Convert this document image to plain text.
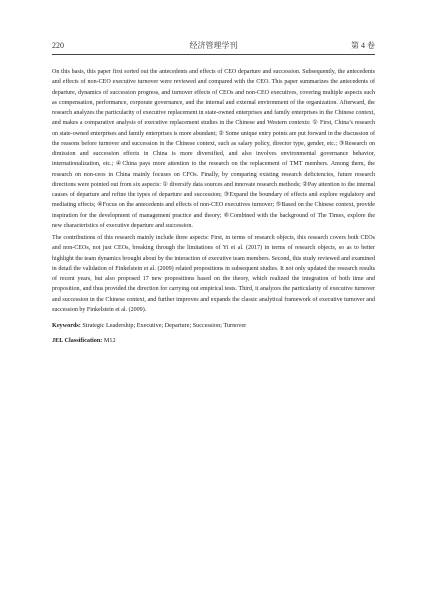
220	经济管理学刊	第 4 卷

On this basis, this paper first sorted out the antecedents and effects of CEO departure and succession. Subsequently, the antecedents and effects of non-CEO executive turnover were reviewed and compared with the CEO. This paper summarizes the antecedents of departure, dynamics of succession progress, and turnover effects of CEOs and non-CEO executives, covering multiple aspects such as compensation, performance, corporate governance, and the internal and external environment of the organization. Afterward, the research analyzes the particularity of executive replacement in state-owned enterprises and family enterprises in the Chinese context, and makes a comparative analysis of executive replacement studies in the Chinese and Western contexts: ① First, China’s research on state-owned enterprises and family enterprises is more abundant; ② Some unique entry points are put forward in the discussion of the reasons before turnover and succession in the Chinese context, such as salary policy, director type, gender, etc.; ③Research on dimission and succession effects in China is more diversified, and also involves environmental governance behavior, internationalization, etc.; ④China pays more attention to the research on the replacement of TMT members. Among them, the research on non-ceos in China mainly focuses on CFOs. Finally, by comparing existing research deficiencies, future research directions were pointed out from six aspects: ① diversify data sources and innovate research methods; ②Pay attention to the internal causes of departure and refine the types of departure and succession; ③Expand the boundary of effects and explore regulatory and mediating effects; ④Focus on the antecedents and effects of non-CEO executives turnover; ⑤Based on the Chinese context, provide inspiration for the development of management practice and theory; ⑥Combined with the background of The Times, explore the new characteristics of executive departure and succession.

The contributions of this research mainly include three aspects: First, in terms of research objects, this research covers both CEOs and non-CEOs, not just CEOs, breaking through the limitations of Yi et al. (2017) in terms of research objects, so as to better highlight the team dynamics brought about by the interaction of executive team members. Second, this study reviewed and examined in detail the validation of Finkelstein et al. (2009) related propositions in subsequent studies. It not only updated the research results of recent years, but also proposed 17 new propositions based on the theory, which realized the integration of both time and proposition, and thus provided the direction for carrying out empirical tests. Third, it analyzes the particularity of executive turnover and succession in the Chinese context, and further improves and expands the classic analytical framework of executive turnover and succession by Finkelstein et al. (2009).

Keywords: Strategic Leadership; Executive; Departure; Succession; Turnover
JEL Classification: M12
